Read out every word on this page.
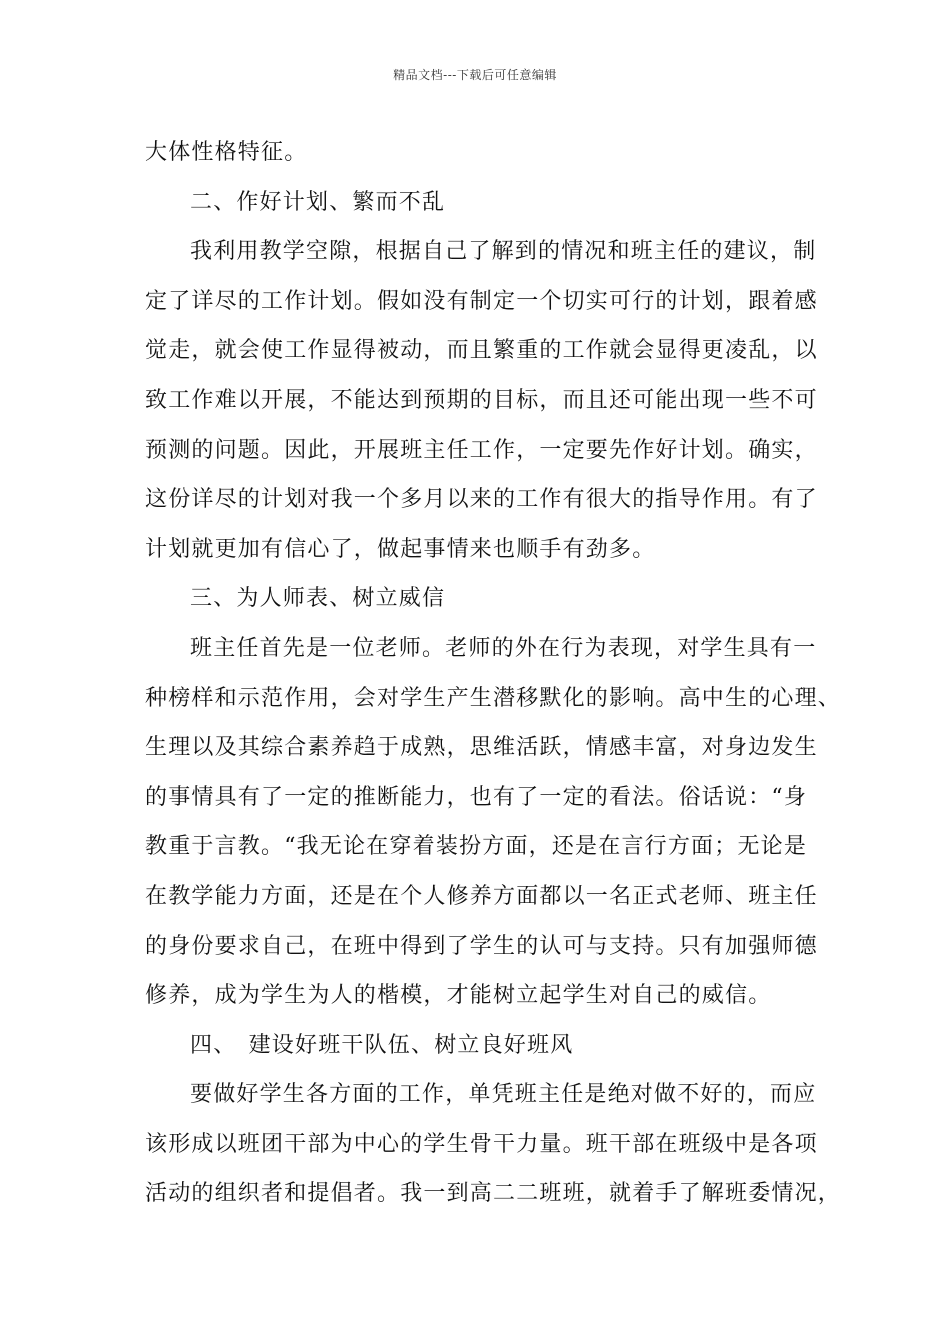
精品文档---下载后可任意编辑
大体性格特征。
二、作好计划、繁而不乱
我利用教学空隙，根据自己了解到的情况和班主任的建议，制
定了详尽的工作计划。假如没有制定一个切实可行的计划，跟着感
觉走，就会使工作显得被动，而且繁重的工作就会显得更凌乱，以
致工作难以开展，不能达到预期的目标，而且还可能出现一些不可
预测的问题。因此，开展班主任工作，一定要先作好计划。确实，
这份详尽的计划对我一个多月以来的工作有很大的指导作用。有了
计划就更加有信心了，做起事情来也顺手有劲多。
三、为人师表、树立威信
班主任首先是一位老师。老师的外在行为表现，对学生具有一
种榜样和示范作用，会对学生产生潜移默化的影响。高中生的心理、
生理以及其综合素养趋于成熟，思维活跃，情感丰富，对身边发生
的事情具有了一定的推断能力，也有了一定的看法。俗话说：“身
教重于言教。“我无论在穿着装扮方面，还是在言行方面；无论是
在教学能力方面，还是在个人修养方面都以一名正式老师、班主任
的身份要求自己，在班中得到了学生的认可与支持。只有加强师德
修养，成为学生为人的楷模，才能树立起学生对自己的威信。
四、　建设好班干队伍、树立良好班风
要做好学生各方面的工作，单凭班主任是绝对做不好的，而应
该形成以班团干部为中心的学生骨干力量。班干部在班级中是各项
活动的组织者和提倡者。我一到高二二班班，就着手了解班委情况，
